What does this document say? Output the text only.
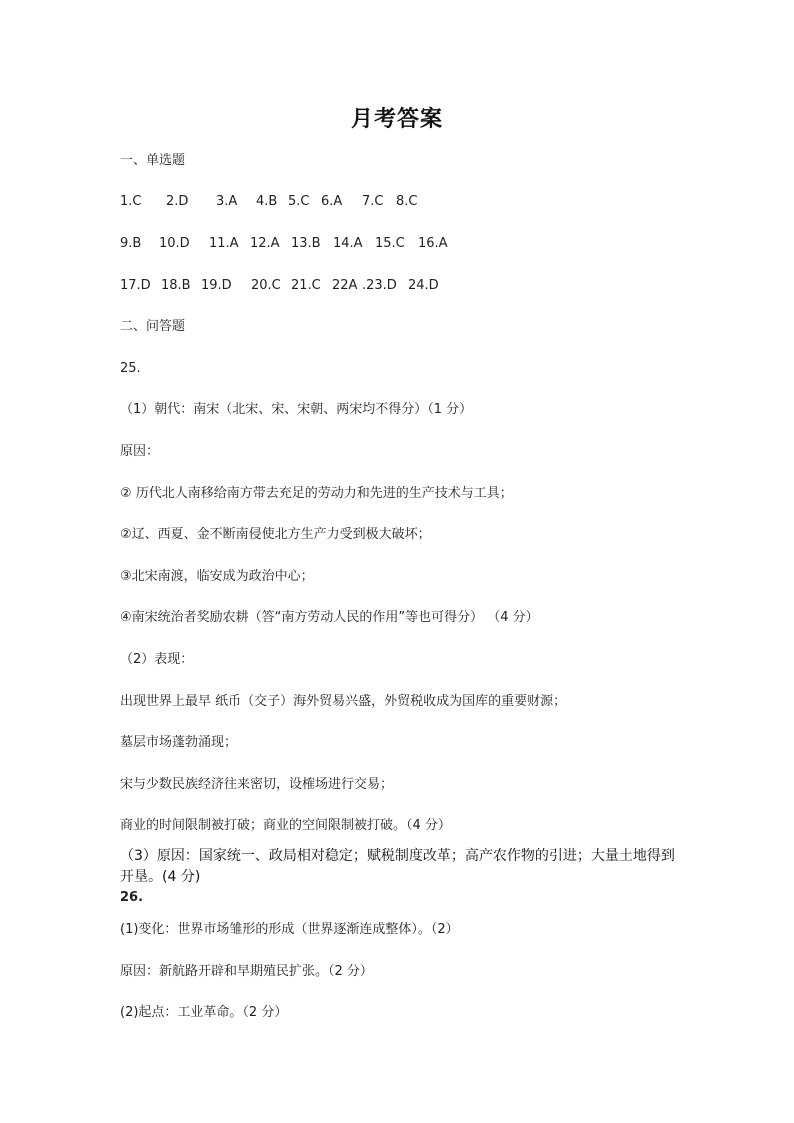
月考答案
一、单选题
1.C 2.D 3.A 4.B 5.C 6.A 7.C 8.C
9.B 10.D 11.A 12.A 13.B 14.A 15.C 16.A
17.D 18.B 19.D 20.C 21.C 22A .23.D 24.D
二、问答题
25.
（1）朝代：南宋（北宋、宋、宋朝、两宋均不得分）（1 分）
原因：
② 历代北人南移给南方带去充足的劳动力和先进的生产技术与工具；
②辽、西夏、金不断南侵使北方生产力受到极大破坏；
③北宋南渡，临安成为政治中心；
④南宋统治者奖励农耕（答“南方劳动人民的作用”等也可得分） （4 分）
（2）表现：
出现世界上最早 纸币（交子）海外贸易兴盛，外贸税收成为国库的重要财源；
墓层市场蓬勃涌现；
宋与少数民族经济往来密切，设榷场进行交易；
商业的时间限制被打破；商业的空间限制被打破。（4 分）
（3）原因：国家统一、政局相对稳定；赋税制度改革；高产农作物的引进；大量土地得到开垦。(4 分)
26.
(1)变化：世界市场雏形的形成（世界逐渐连成整体）。（2）
原因：新航路开辟和早期殖民扩张。（2 分）
(2)起点：工业革命。（2 分）
